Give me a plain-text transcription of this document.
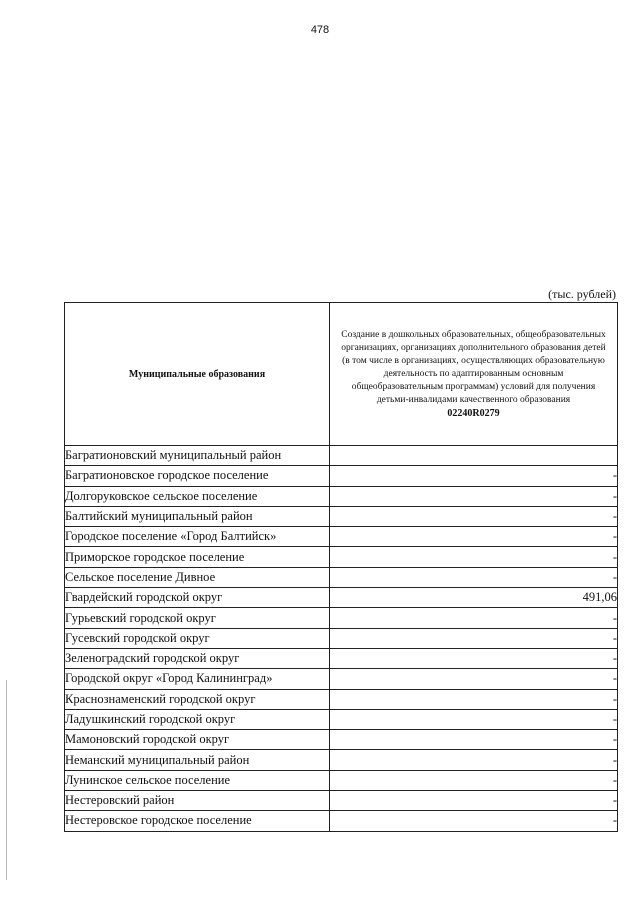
478
(тыс. рублей)
Муниципальные образования	Создание в дошкольных образовательных, общеобразовательных организациях, организациях дополнительного образования детей (в том числе в организациях, осуществляющих образовательную деятельность по адаптированным основным общеобразовательным программам) условий для получения детьми-инвалидами качественного образования
02240R0279

Багратионовский муниципальный район	
Багратионовское городское поселение	-
Долгоруковское сельское поселение	-
Балтийский муниципальный район	-
Городское поселение «Город Балтийск»	-
Приморское городское поселение	-
Сельское поселение Дивное	-
Гвардейский городской округ	491,06
Гурьевский городской округ	-
Гусевский городской округ	-
Зеленоградский городской округ	-
Городской округ «Город Калининград»	-
Краснознаменский городской округ	-
Ладушкинский городской округ	-
Мамоновский городской округ	-
Неманский муниципальный район	-
Лунинское сельское поселение	-
Нестеровский район	-
Нестеровское городское поселение	-
